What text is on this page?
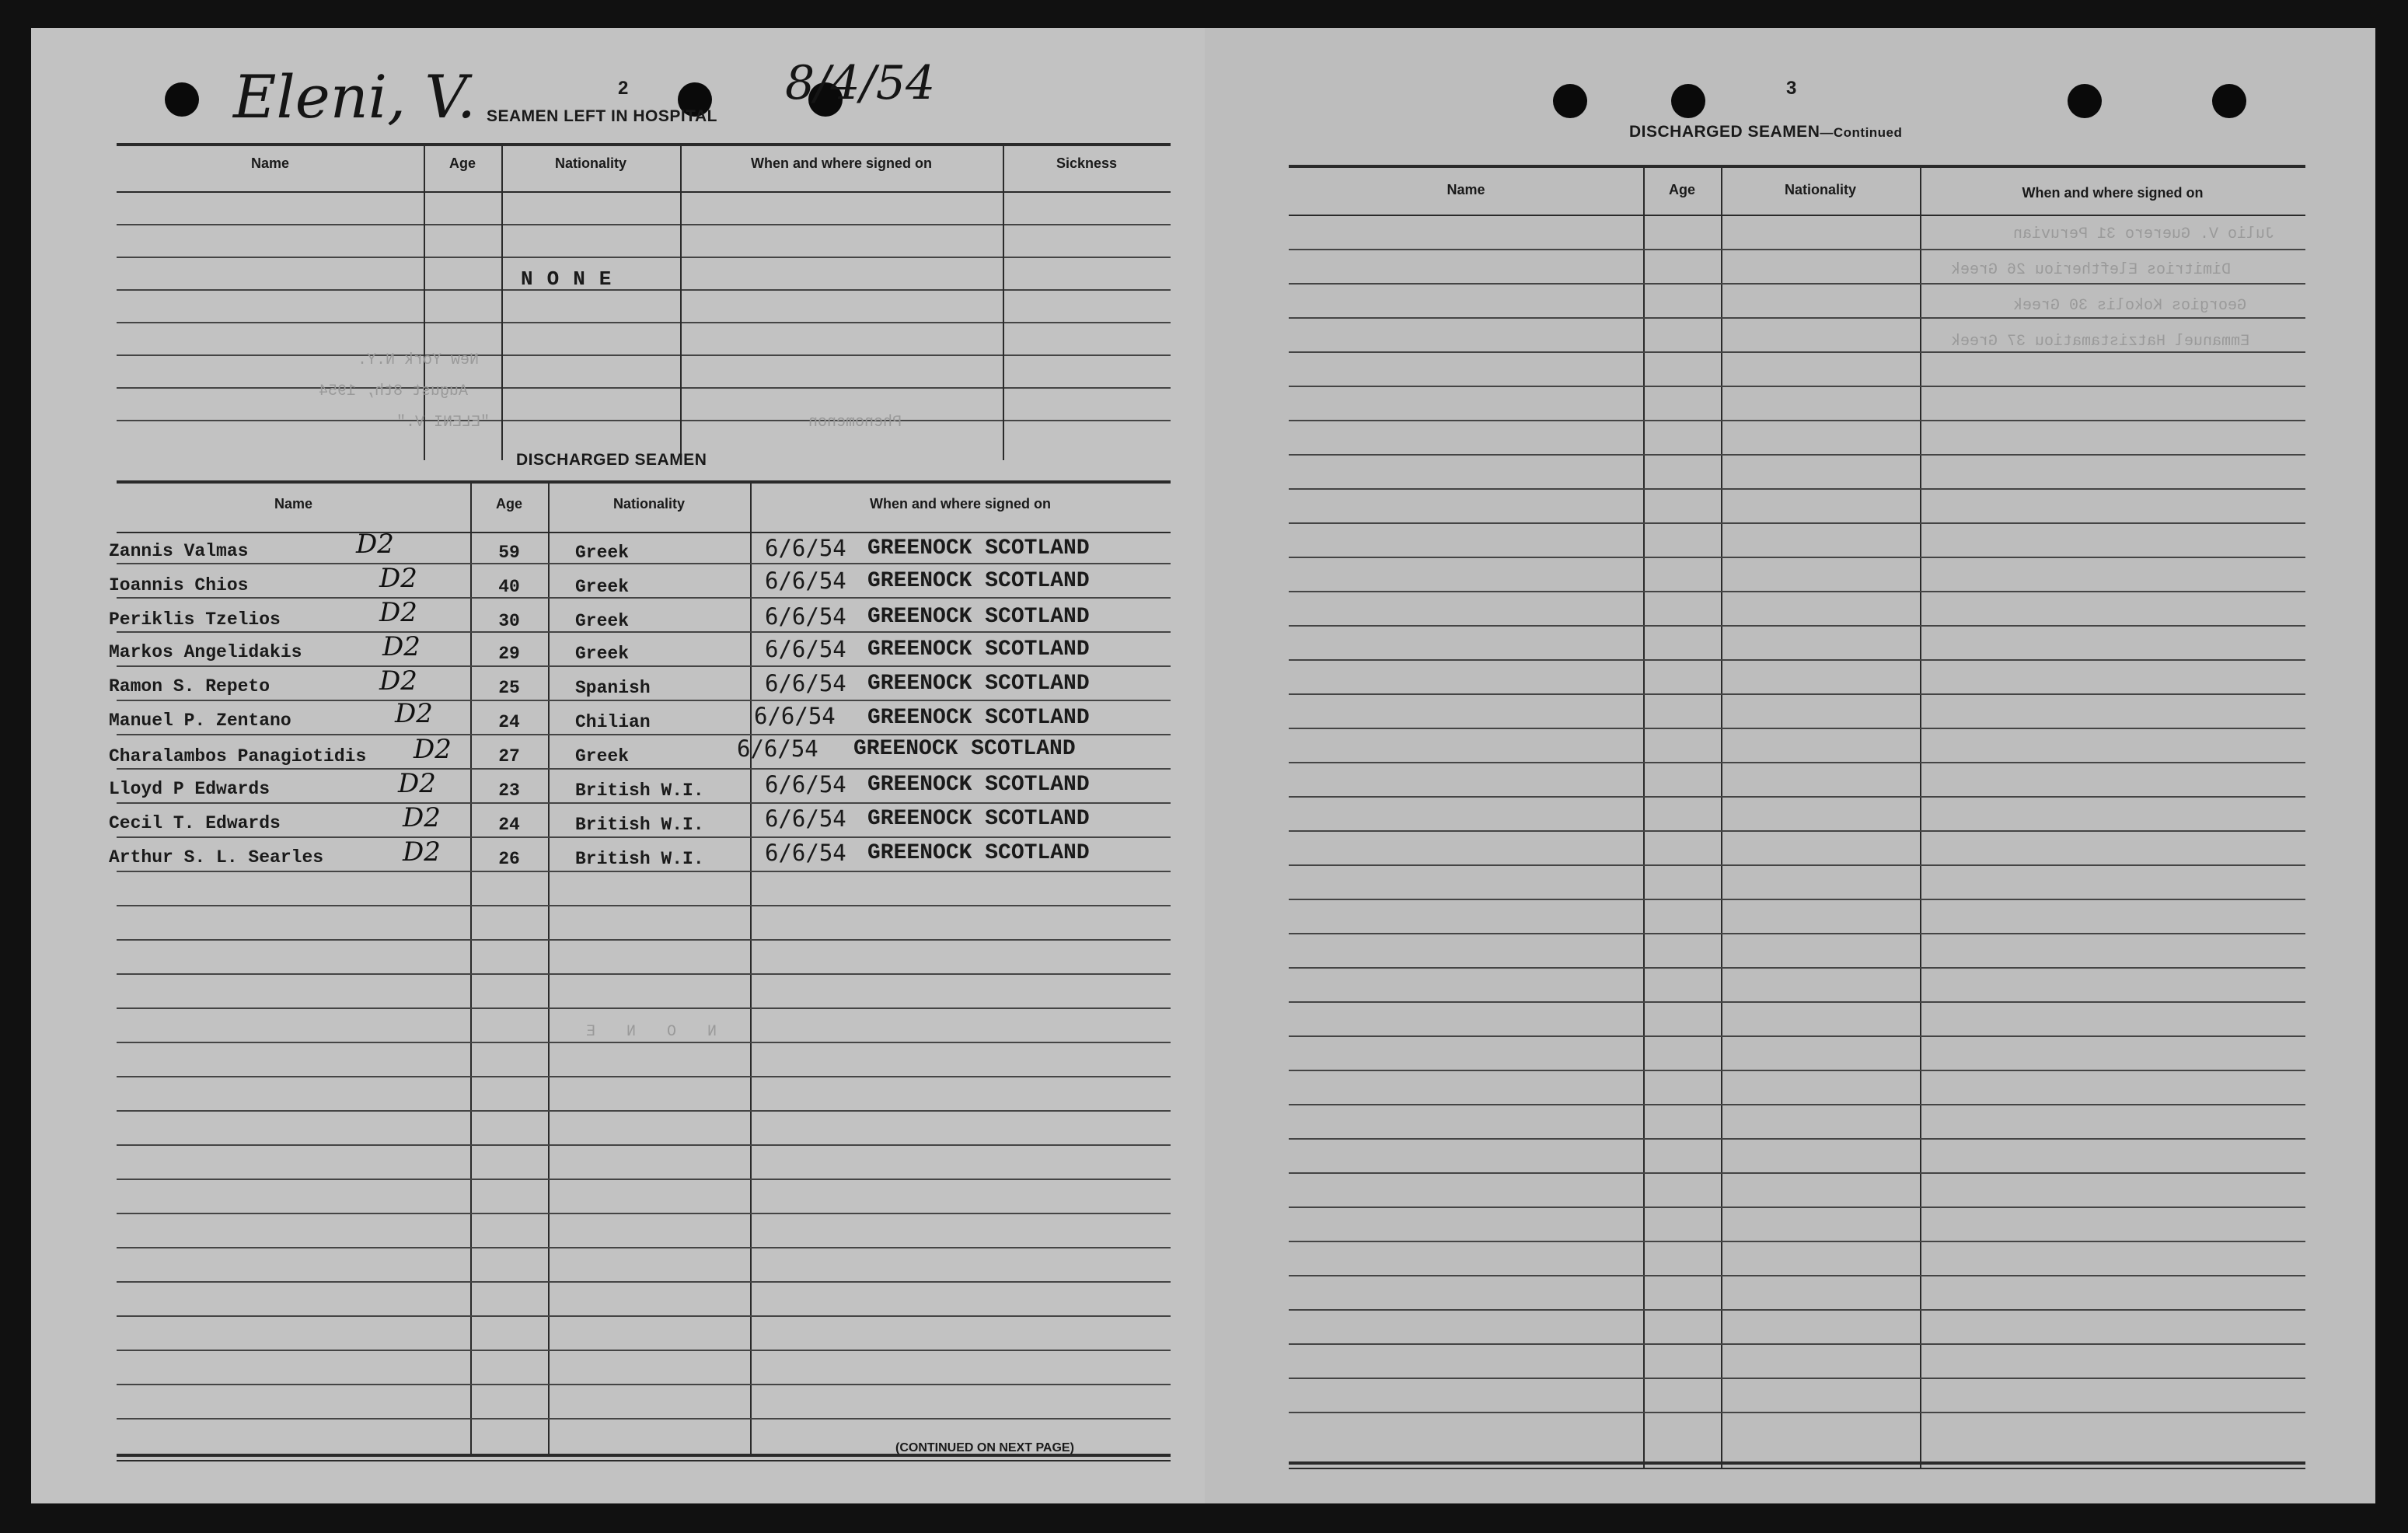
Eleni, V.	8/4/54
2
SEAMEN LEFT IN HOSPITAL
Name	Age	Nationality	When and where signed on	Sickness
NONE
New York N.Y.
August 8th, 1954
"ELENI V."	Phenomenon
DISCHARGED SEAMEN
Name	Age	Nationality	When and where signed on
Zannis Valmas	D2	59	Greek	6/6/54 GREENOCK SCOTLAND
Ioannis Chios	D2	40	Greek	6/6/54 GREENOCK SCOTLAND
Periklis Tzelios	D2	30	Greek	6/6/54 GREENOCK SCOTLAND
Markos Angelidakis	D2	29	Greek	6/6/54 GREENOCK SCOTLAND
Ramon S. Repeto	D2	25	Spanish	6/6/54 GREENOCK SCOTLAND
Manuel P. Zentano	D2	24	Chilian	6/6/54 GREENOCK SCOTLAND
Charalambos Panagiotidis D2	27	Greek	6/6/54 GREENOCK SCOTLAND
Lloyd P Edwards	D2	23	British W.I.	6/6/54 GREENOCK SCOTLAND
Cecil T. Edwards	D2	24	British W.I.	6/6/54 GREENOCK SCOTLAND
Arthur S. L. Searles	D2	26	British W.I.	6/6/54 GREENOCK SCOTLAND
N O N E
3
DISCHARGED SEAMEN—Continued
Name	Age	Nationality	When and where signed on
Julio V. Guerero 31 Peruvian
Dimitrios Eleftheriou 26 Greek
Georgios Kokolis 30 Greek
Emmanuel Hatzistamatiou 37 Greek
(CONTINUED ON NEXT PAGE)
